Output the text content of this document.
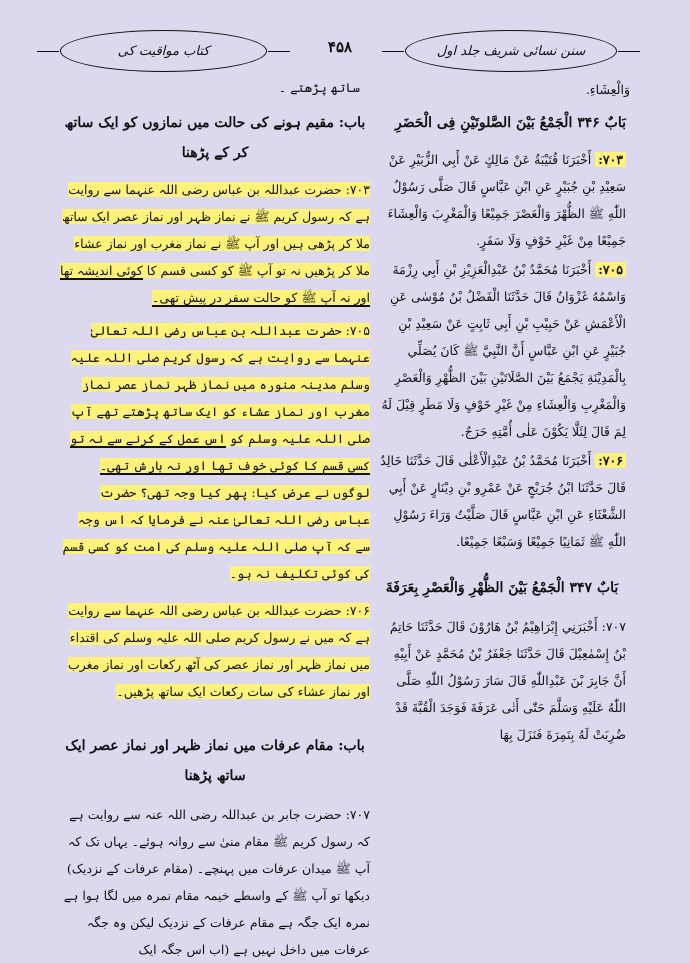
کتاب مواقیت کی	۴۵۸	سنن نسائی شریف جلد اول
وَالْعِشَاءِ.
ساتھ پڑھتے ۔

بَابٌ ۳۴۶ الْجَمْعُ بَیْنَ الصَّلوتَیْنِ فِی الْحَضَرِ

۷۰۳: أَخْبَرَنَا قُتَيْبَةُ عَنْ مَالِكٍ عَنْ أَبِي الزُّبَيْرِ عَنْ سَعِيْدِ بْنِ جُبَيْرٍ عَنِ ابْنِ عَبَّاسٍ قَالَ صَلَّى رَسُوْلُ اللّٰهِ ﷺ الظُّهْرَ وَالْعَصْرَ جَمِيْعًا وَالْمَغْرِبَ وَالْعِشَاءَ جَمِيْعًا مِنْ غَيْرِ خَوْفٍ وَلَا سَفَرٍ.

۷۰۵: أَخْبَرَنَا مُحَمَّدُ بْنُ عَبْدِالْعَزِيْزِ بْنِ أَبِي رِزْمَةَ وَاسْمُهُ غَزْوَانُ قَالَ حَدَّثَنَا الْفَضْلُ بْنُ مُوْسٰى عَنِ الْأَعْمَشِ عَنْ حَبِيْبِ بْنِ أَبِي ثَابِتٍ عَنْ سَعِيْدِ بْنِ جُبَيْرٍ عَنِ ابْنِ عَبَّاسٍ أَنَّ النَّبِيَّ ﷺ كَانَ يُصَلِّي بِالْمَدِيْنَةِ يَجْمَعُ بَيْنَ الصَّلَاتَيْنِ بَيْنَ الظُّهْرِ وَالْعَصْرِ وَالْمَغْرِبِ وَالْعِشَاءِ مِنْ غَيْرِ خَوْفٍ وَلَا مَطَرٍ قِيْلَ لَهُ لِمَ قَالَ لِئَلَّا يَكُوْنَ عَلٰى أُمَّتِهِ حَرَجٌ.

۷۰۶: أَخْبَرَنَا مُحَمَّدُ بْنُ عَبْدِالْأَعْلٰى قَالَ حَدَّثَنَا خَالِدٌ قَالَ حَدَّثَنَا ابْنُ جُرَيْجٍ عَنْ عَمْرِو بْنِ دِيْنَارٍ عَنْ أَبِي الشَّعْثَاءِ عَنِ ابْنِ عَبَّاسٍ قَالَ صَلَّيْتُ وَرَاءَ رَسُوْلِ اللّٰهِ ﷺ ثَمَانِيًا جَمِيْعًا وَسَبْعًا جَمِيْعًا.

بَابٌ ۳۴۷ الْجَمْعُ بَیْنَ الظُّهْرِ وَالْعَصْرِ بِعَرَفَةَ

۷۰۷: أَخْبَرَنِي إِبْرَاهِيْمُ بْنُ هَارُوْنَ قَالَ حَدَّثَنَا حَاتِمُ بْنُ إِسْمٰعِيْلَ قَالَ حَدَّثَنَا جَعْفَرُ بْنُ مُحَمَّدٍ عَنْ أَبِيْهِ أَنَّ جَابِرَ بْنَ عَبْدِاللّٰهِ قَالَ سَارَ رَسُوْلُ اللّٰهِ صَلَّى اللّٰهُ عَلَيْهِ وَسَلَّمَ حَتّٰى أَتٰى عَرَفَةَ فَوَجَدَ الْقُبَّةَ قَدْ ضُرِبَتْ لَهُ بِنَمِرَةَ فَنَزَلَ بِهَا

باب: مقیم ہونے کی حالت میں نمازوں کو ایک ساتھ کر کے پڑھنا

۷۰۳: حضرت عبداللہ بن عباس رضی اللہ عنہما سے روایت ہے کہ رسول کریم ﷺ نے نماز ظہر اور نماز عصر ایک ساتھ ملا کر پڑھی ہیں اور آپ ﷺ نے نماز مغرب اور نماز عشاء ملا کر پڑھیں نہ تو آپ ﷺ کو کسی قسم کا کوئی اندیشہ تھا اور نہ آپ ﷺ کو حالت سفر در پیش تھی۔

۷۰۵: حضرت عبداللہ بن عباس رضی اللہ تعالیٰ عنہما سے روایت ہے کہ رسول کریم صلی اللہ علیہ وسلم مدینہ منورہ میں نماز ظہر نماز عصر نماز مغرب اور نماز عشاء کو ایک ساتھ پڑھتے تھے آپ صلی اللہ علیہ وسلم کو اس عمل کے کرنے سے نہ تو کسی قسم کا کوئی خوف تھا اور نہ بارش تھی۔ لوگوں نے عرض کیا: پھر کیا وجہ تھی؟ حضرت عباس رضی اللہ تعالیٰ عنہ نے فرمایا کہ اس وجہ سے کہ آپ صلی اللہ علیہ وسلم کی امت کو کسی قسم کی کوئی تکلیف نہ ہو۔

۷۰۶: حضرت عبداللہ بن عباس رضی اللہ عنہما سے روایت ہے کہ میں نے رسول کریم صلی اللہ علیہ وسلم کی اقتداء میں نماز ظہر اور نماز عصر کی آٹھ رکعات اور نماز مغرب اور نماز عشاء کی سات رکعات ایک ساتھ پڑھیں۔

باب: مقام عرفات میں نماز ظہر اور نماز عصر ایک ساتھ پڑھنا

۷۰۷: حضرت جابر بن عبداللہ رضی اللہ عنہ سے روایت ہے کہ رسول کریم ﷺ مقام منیٰ سے روانہ ہوئے۔ یہاں تک کہ آپ ﷺ میدان عرفات میں پہنچے۔ (مقام عرفات کے نزدیک) دیکھا تو آپ ﷺ کے واسطے خیمہ مقام نمرہ میں لگا ہوا ہے نمرہ ایک جگہ ہے مقام عرفات کے نزدیک لیکن وہ جگہ عرفات میں داخل نہیں ہے (اب اس جگہ ایک
